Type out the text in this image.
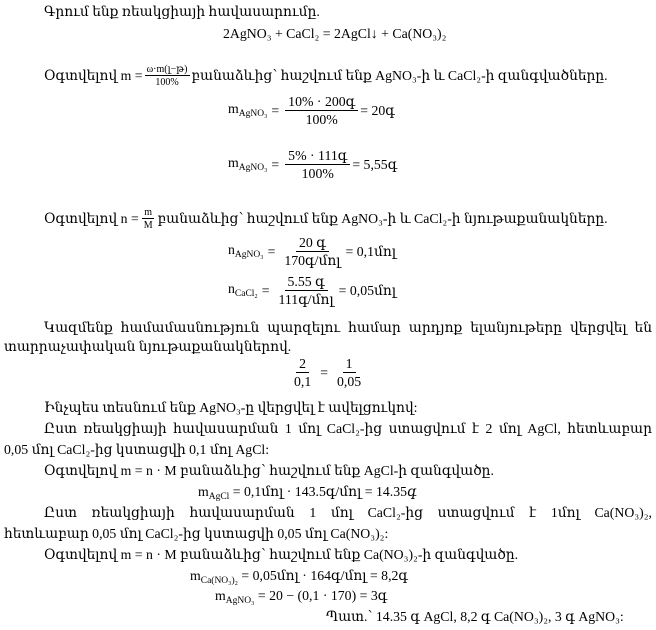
Գրում ենք ռեակցիայի հավասարումը.
2AgNO₃ + CaCl₂ = 2AgCl↓ + Ca(NO₃)₂
Օգտվելով $m = \frac{\text{ω·m(լ−թ)}}{100\%}$ բանաձևից՝ հաշվում ենք AgNO₃-ի և CaCl₂-ի զանգվածները.
$m_{AgNO_3} = \frac{\text{10\% · 200գ}}{100\%}$ = 20գ
$m_{AgNO_3} = \frac{\text{5\% · 111գ}}{100\%}$ = 5,55գ
Օգտվելով $n = \frac{m}{M}$ բանաձևից՝ հաշվում ենք AgNO₃-ի և CaCl₂-ի նյութաքանակները.
$n_{AgNO_3} = \frac{\text{20 գ}}{\text{170գ/մոլ}}$ = 0,1մոլ
$n_{CaCl_2} = \frac{\text{5.55 գ}}{\text{111գ/մոլ}}$ = 0,05մոլ
Կազմենք համամասնություն պարզելու համար արդյոք ելանյութերը վերցվել են
տարրաչափական նյութաքանակներով.
$\frac{2}{0,1} = \frac{1}{0,05}$
Ինչպես տեսնում ենք AgNO₃-ը վերցվել է ավելցուկով:
Ըստ ռեակցիայի հավասարման 1 մոլ CaCl₂-ից ստացվում է 2 մոլ AgCl, հետևաբար
0,05 մոլ CaCl₂-ից կստացվի 0,1 մոլ AgCl:
Օգտվելով m = n · M բանաձևից՝ հաշվում ենք AgCl-ի զանգվածը.
$m_{AgCl}$ = 0,1մոլ · 143.5գ/մոլ = 14.35գ
Ըստ ռեակցիայի հավասարման 1 մոլ CaCl₂-ից ստացվում է 1մոլ Ca(NO₃)₂,
հետևաբար 0,05 մոլ CaCl₂-ից կստացվի 0,05 մոլ Ca(NO₃)₂:
Օգտվելով m = n · M բանաձևից՝ հաշվում ենք Ca(NO₃)₂-ի զանգվածը.
$m_{Ca(NO_3)_2}$ = 0,05մոլ · 164գ/մոլ = 8,2գ
$m_{AgNO_3} = 20 - (0,1 \cdot 170)$ = 3գ
Պատ.՝ 14.35 գ AgCl, 8,2 գ Ca(NO₃)₂, 3 գ AgNO₃:
